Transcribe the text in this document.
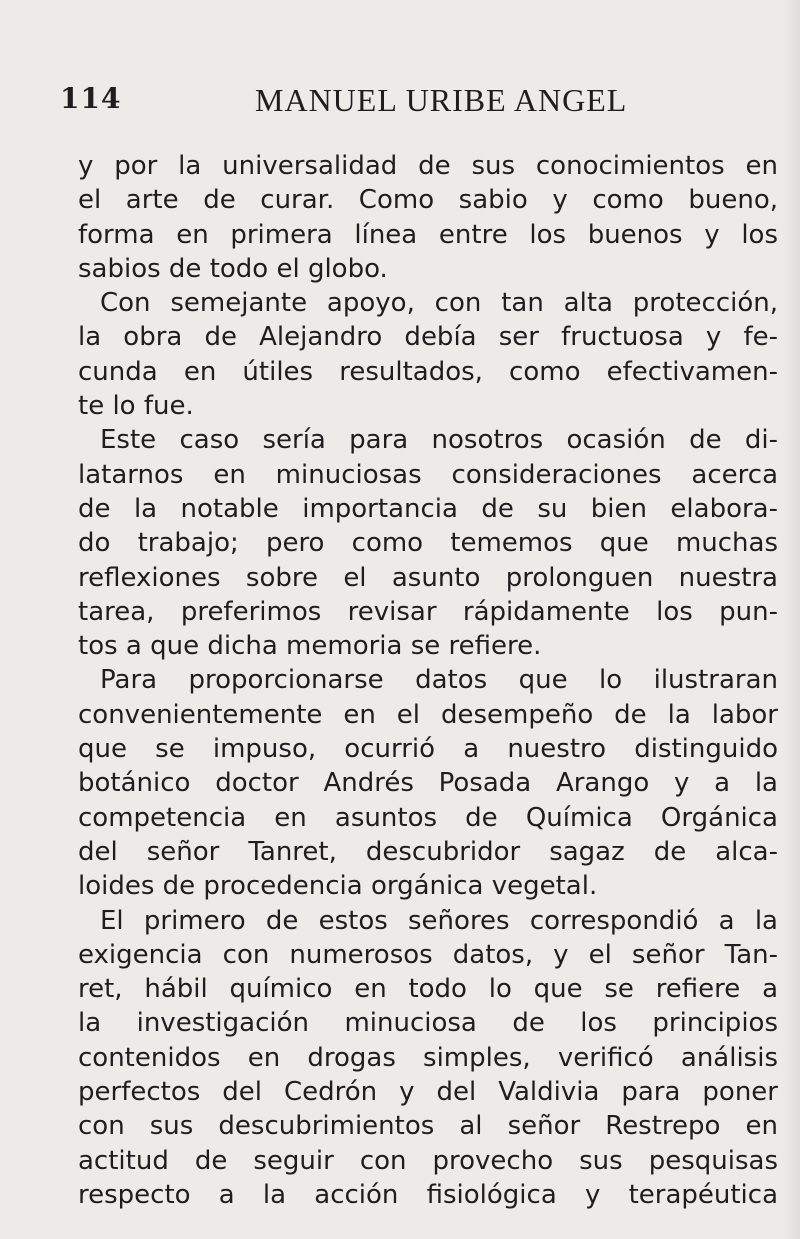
114	MANUEL URIBE ANGEL
y por la universalidad de sus conocimientos en
el arte de curar. Como sabio y como bueno,
forma en primera línea entre los buenos y los
sabios de todo el globo.
Con semejante apoyo, con tan alta protección,
la obra de Alejandro debía ser fructuosa y fe-
cunda en útiles resultados, como efectivamen-
te lo fue.
Este caso sería para nosotros ocasión de di-
latarnos en minuciosas consideraciones acerca
de la notable importancia de su bien elabora-
do trabajo; pero como tememos que muchas
reflexiones sobre el asunto prolonguen nuestra
tarea, preferimos revisar rápidamente los pun-
tos a que dicha memoria se refiere.
Para proporcionarse datos que lo ilustraran
convenientemente en el desempeño de la labor
que se impuso, ocurrió a nuestro distinguido
botánico doctor Andrés Posada Arango y a la
competencia en asuntos de Química Orgánica
del señor Tanret, descubridor sagaz de alca-
loides de procedencia orgánica vegetal.
El primero de estos señores correspondió a la
exigencia con numerosos datos, y el señor Tan-
ret, hábil químico en todo lo que se refiere a
la investigación minuciosa de los principios
contenidos en drogas simples, verificó análisis
perfectos del Cedrón y del Valdivia para poner
con sus descubrimientos al señor Restrepo en
actitud de seguir con provecho sus pesquisas
respecto a la acción fisiológica y terapéutica
